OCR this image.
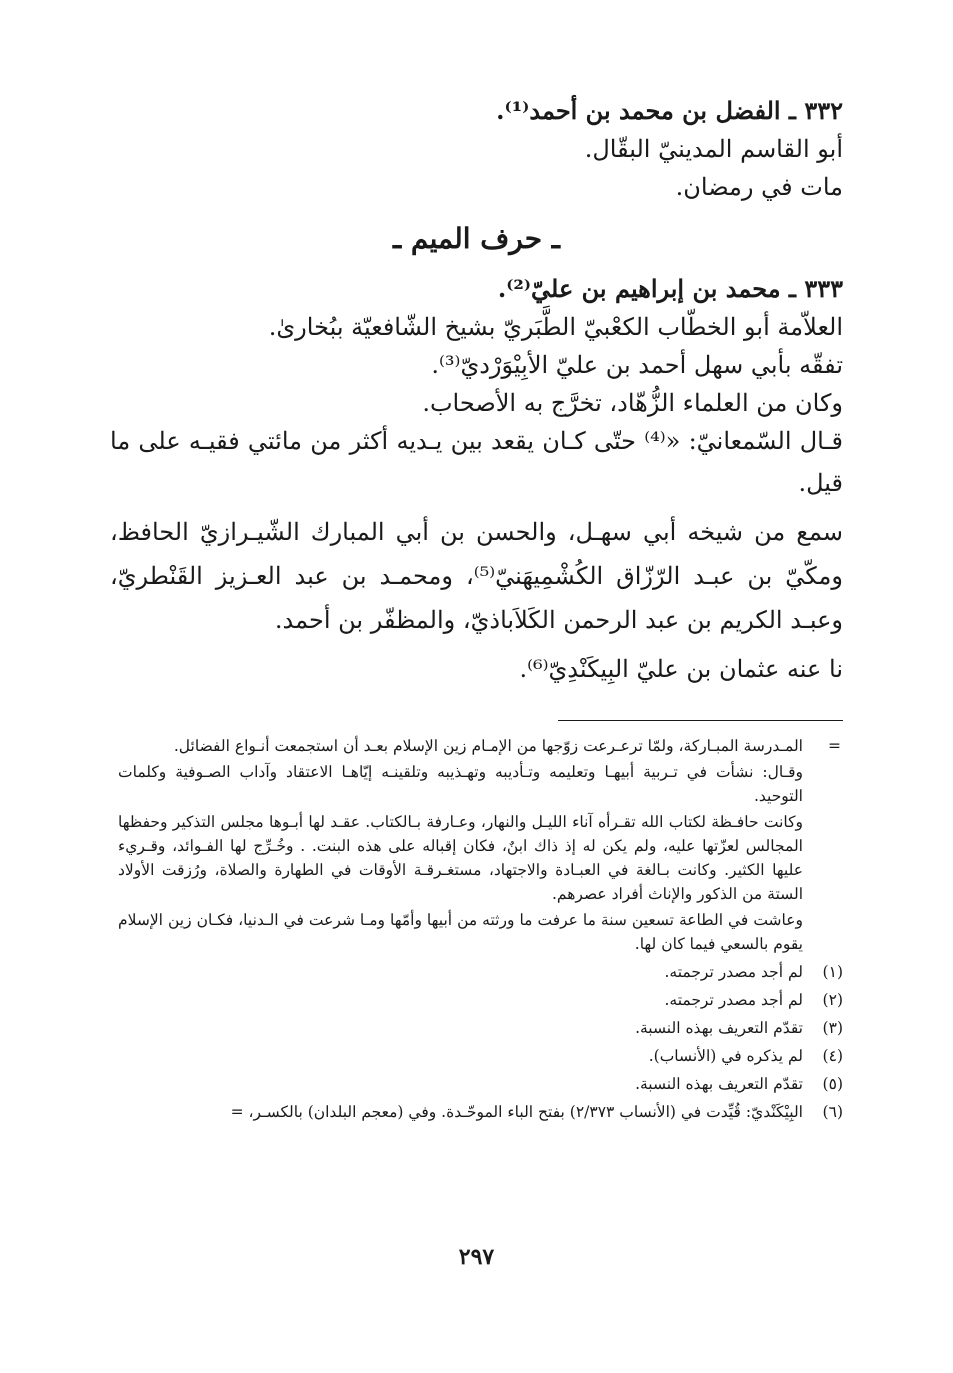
٣٣٢ ـ الفضل بن محمد بن أحمد⁽¹⁾.
أبو القاسم المدينيّ البقّال.
مات في رمضان.
ـ حرف الميم ـ
٣٣٣ ـ محمد بن إبراهيم بن عليّ⁽²⁾.
العلاّمة أبو الخطّاب الكعْبيّ الطَّبَريّ بشيخ الشّافعيّة ببُخارىٰ.
تفقّه بأبي سهل أحمد بن عليّ الأبِيْوَرْديّ⁽³⁾.
وكان من العلماء الزُّهّاد، تخرَّج به الأصحاب.
قـال السّمعانيّ: «⁽⁴⁾ حتّى كـان يقعد بين يـديه أكثر من مائتي فقيـه على ما
قيل.
سمع من شيخه أبي سهـل، والحسن بن أبي المبارك الشّيـرازيّ الحافظ، ومكّيّ بن عبـد الرّزّاق الكُشْمِيهَنيّ⁽⁵⁾، ومحمـد بن عبد العـزيز القَنْطريّ، وعبـد الكريم بن عبد الرحمن الكَلاَباذيّ، والمظفّر بن أحمد.
نا عنه عثمان بن عليّ البِيكَنْدِيّ⁽⁶⁾.
=

المـدرسة المبـاركة، ولمّا ترعـرعت زوّجها من الإمـام زين الإسلام بعـد أن استجمعت أنـواع الفضائل.

وقـال: نشأت في تـربية أبيهـا وتعليمه وتـأديبه وتهـذيبه وتلقينـه إيّاهـا الاعتقاد وآداب الصـوفية وكلمات التوحيد.

وكانت حافـظة لكتاب الله تقـرأه آناء الليـل والنهار، وعـارفة بـالكتاب. عقـد لها أبـوها مجلس التذكير وحفظها المجالس لعزّتها عليه، ولم يكن له إذ ذاك ابنٌ، فكان إقباله على هذه البنت. . وخُـرِّج لها الفـوائد، وقـريء عليها الكثير. وكانت بـالغة في العبـادة والاجتهاد، مستغـرقـة الأوقات في الطهارة والصلاة، ورُزقت الأولاد الستة من الذكور والإناث أفراد عصرهم.

وعاشت في الطاعة تسعين سنة ما عرفت ما ورثته من أبيها وأمّها ومـا شرعت في الـدنيا، فكـان زين الإسلام يقوم بالسعي فيما كان لها.

(١)
لم أجد مصدر ترجمته.
(٢)
لم أجد مصدر ترجمته.
(٣)
تقدّم التعريف بهذه النسبة.
(٤)
لم يذكره في (الأنساب).
(٥)
تقدّم التعريف بهذه النسبة.
(٦)
البِيْكَنْديّ: قُيِّدت في (الأنساب ٢/٣٧٣) بفتح الباء الموحّـدة. وفي (معجم البلدان) بالكسـر، =
٢٩٧
